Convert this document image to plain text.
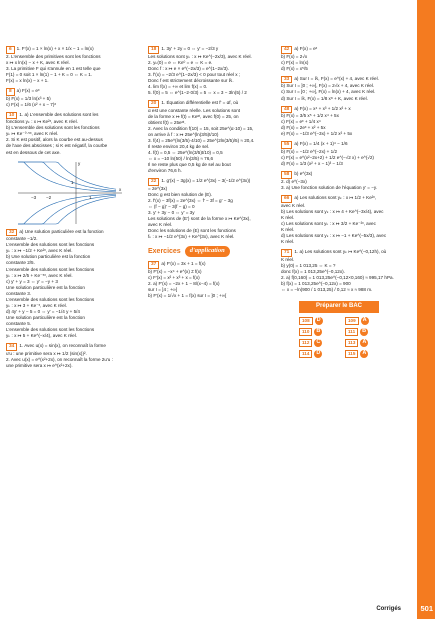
Corrigés	501
6 1. F′(x) = 1 × ln(x) + x × 1/x − 1 = ln(x)
2. L'ensemble des primitives sont les fonctions
x ↦ x ln(x) − x + K, avec K réel.
3. La primitive F qui s'annule en 1 est telle que
F(1) = 0 soit 1 × ln(1) − 1 + K = 0 ⇔ K = 1.
F(x) = x ln(x) − x + 1.
8 a) F(x) = eˣ
b) F(x) = 1/3 ln(x³ + 5)
c) F(x) = 1/6 (x² + x − 7)⁶
10 1. a) L'ensemble des solutions sont les
fonctions yₖ : x ↦ Ke²ˣ, avec K réel.
b) L'ensemble des solutions sont les fonctions
yₖ ↦ Ke⁻⁰·⁵ˣ, avec K réel.
2. Si K est positif, alors la courbe est au-dessus
de l'axe des abscisses ; si K est négatif, la courbe
est en dessous de cet axe.
x
y
−3 −2	1
1
32 a) Une solution particulière est la fonction
constante −1/2.
L'ensemble des solutions sont les fonctions
yₖ : x ↦ −1/2 + Ke²ˣ, avec K réel.
b) Une solution particulière est la fonction
constante 2/5.
L'ensemble des solutions sont les fonctions
yₖ : x ↦ 2/5 + Ke⁻⁵ˣ, avec K réel.
c) y′ + y = 3 ⇔ y′ = −y + 3
Une solution particulière est la fonction
constante 3.
L'ensemble des solutions sont les fonctions
yₖ : x ↦ 3 + Ke⁻ˣ, avec K réel.
d) 4y′ + y − 5 = 0 ⇔ y′ = −1/4 y + 5/4
Une solution particulière est la fonction
constante 5.
L'ensemble des solutions sont les fonctions
yₖ : x ↦ 5 + Ke^(−x/4), avec K réel.
34 1. Avec u(x) = sin(x), on reconnaît la forme
u′u : une primitive sera x ↦ 1/2 (sin(x))².
2. Avec u(x) = e^(x²+2x), on reconnaît la forme 2u′u :
une primitive sera x ↦ e^(x²+2x).
18 1. 3y′ + 2y = 0 ⇔ y′ = −2/3 y
Les solutions sont yₖ : x ↦ Ke^(−2x/3), avec K réel.
2. yₖ(0) = e ⇔ Ke⁰ = e ⇔ K = e.
Donc f : x ↦ e × e^(−2x/3) = e^(1−2x/3).
3. f′(x) = −2/3 e^(1−2x/3) < 0 pour tout réel x ;
Donc f est strictement décroissante sur ℝ.
4. lim f(x) = +∞ et lim f(x) = 0.
5. f(0) = 5 ⇔ e^(1−2·0/3) = 5 ⇔ x = 3 − 3ln(5) / 2
20 1. Équation différentielle est f′ = αf, où
α est une constante réelle. Les solutions sont
de la forme x ↦ f(t) = Keᵅᵗ, avec f(0) = 25, on
obtient f(t) = 25eᵅᵗ.
2. Avec la condition f(10) = 15, soit 25e^(α·10) = 15,
on arrive à f : x ↦ 25e^(ln(3/5)t/10)
3. f(4) = 25e^(ln(3/5)·4/10) = 25e^(2ln(3/5)/5) ≈ 20,4.
Il reste environ 20,4 kg de sel.
4. f(t) = 0,5 ⇔ 25e^(ln(3/5)t/10) = 0,5
⇔ x = −10 ln(50) / ln(3/5) ≈ 76,6
Il ne reste plus que 0,5 kg de sel au bout
d'environ 76,6 h.
22 1. g′(x) − 3g(x) = 1/2 e^(3x) − 3(−1/2 e^(3x))
= 2e^(3x)
Donc g est bien solution de (E).
2. f′(x) − 3f(x) = 2e^(3x) ⇔ f′ − 3f = g′ − 3g
⇔ (f − g)′ − 3(f − g) = 0
3. y′ + 3y − 0 ⇔ y′ = 3y
Les solutions de (E′) sont de la forme x ↦ Ke^(3x),
avec K réel.
Donc les solutions de (E) sont les fonctions
fₖ : x ↦ −1/2 e^(3x) + Ke^(3x), avec K réel.
Exercices	d'application
37 a) F′(x) = 3x + 1 = f(x)
b) F′(x) = −x⁴ + e^(x) ≠ f(x)
c) F′(x) = x² + x³ + x = f(x)
2. a) F′(x) = −2x + 1 − 8/(x−4) = f(x)
sur I = ]4 ; +∞[
b) F′(x) = 1/√x + 1 = f(x) sur I = ]0 ; +∞[
42 a) F(x) = eˣ
b) F(x) = 2√x
c) F(x) = ln(x)
d) F(x) = x⁵/5
33 a) Sur I = ℝ, F(x) = e^(x) + 4, avec K réel.
b) Sur I = ]0 ; +∞[, F(x) = 2√x + 4, avec K réel.
c) Sur I = ]0 ; +∞[, F(x) = ln(x) + 4, avec K réel.
d) Sur I = ℝ, F(x) = 1/8 x⁸ + K, avec K réel.
48 a) F(x) = x⁴ + x³ + 1/2 x² + x
b) F(x) = 3/5 x⁵ + 1/2 x⁴ + 5x
c) F(x) = eˣ + 1/4 x⁴
d) F(x) = 2eˣ + x² + 5x
e) F(x) = −1/3 e^(−3x) + 1/2 x² + 5x
55 a) F(x) = 1/4 (x + 1)⁴ − 1/6
b) F(x) = −1/2 e^(−2x) + 1/2
c) F(x) = e^(x²−2x+2) + 1/2 e^(−√2 x) + e^(√2)
d) F(x) = 1/3 (x² + x − 1)³ − 1/3
58 b) e^(3x)
2. d) e^(−3x)
3. a) Une fonction solution de l'équation y′ = −y.
66 a) Les solutions sont yₖ : x ↦ 1/2 + Ke²ˣ,
avec K réel.
b) Les solutions sont yₖ : x ↦ 4 + Ke^(−3x/4), avec
K réel.
c) Les solutions sont yₖ : x ↦ 3/2 + Ke⁻²ˣ, avec
K réel.
d) Les solutions sont yₖ : x ↦ −1 + Ke^(−5x/3), avec
K réel.
71 1. a) Les solutions sont yₖ ↦ Ke^(−0,12h), où
K réel.
b) y(0) = 1 013,25 ⇔ K = ?
donc f(x) = 1 013,25e^(−0,12x).
2. a) f(0,160) = 1 013,25e^(−0,12×0,160) ≈ 995,17 hPa.
b) f(x) = 1 013,25e^(−0,12x) = 900
⇔ x = −ln(900 / 1 013,25) / 0,12 ≈ x ≈ 988 m.
Préparer le BAC
108	D	109	A
110	B	111	B
112	C	113	A
114	D	115	A
